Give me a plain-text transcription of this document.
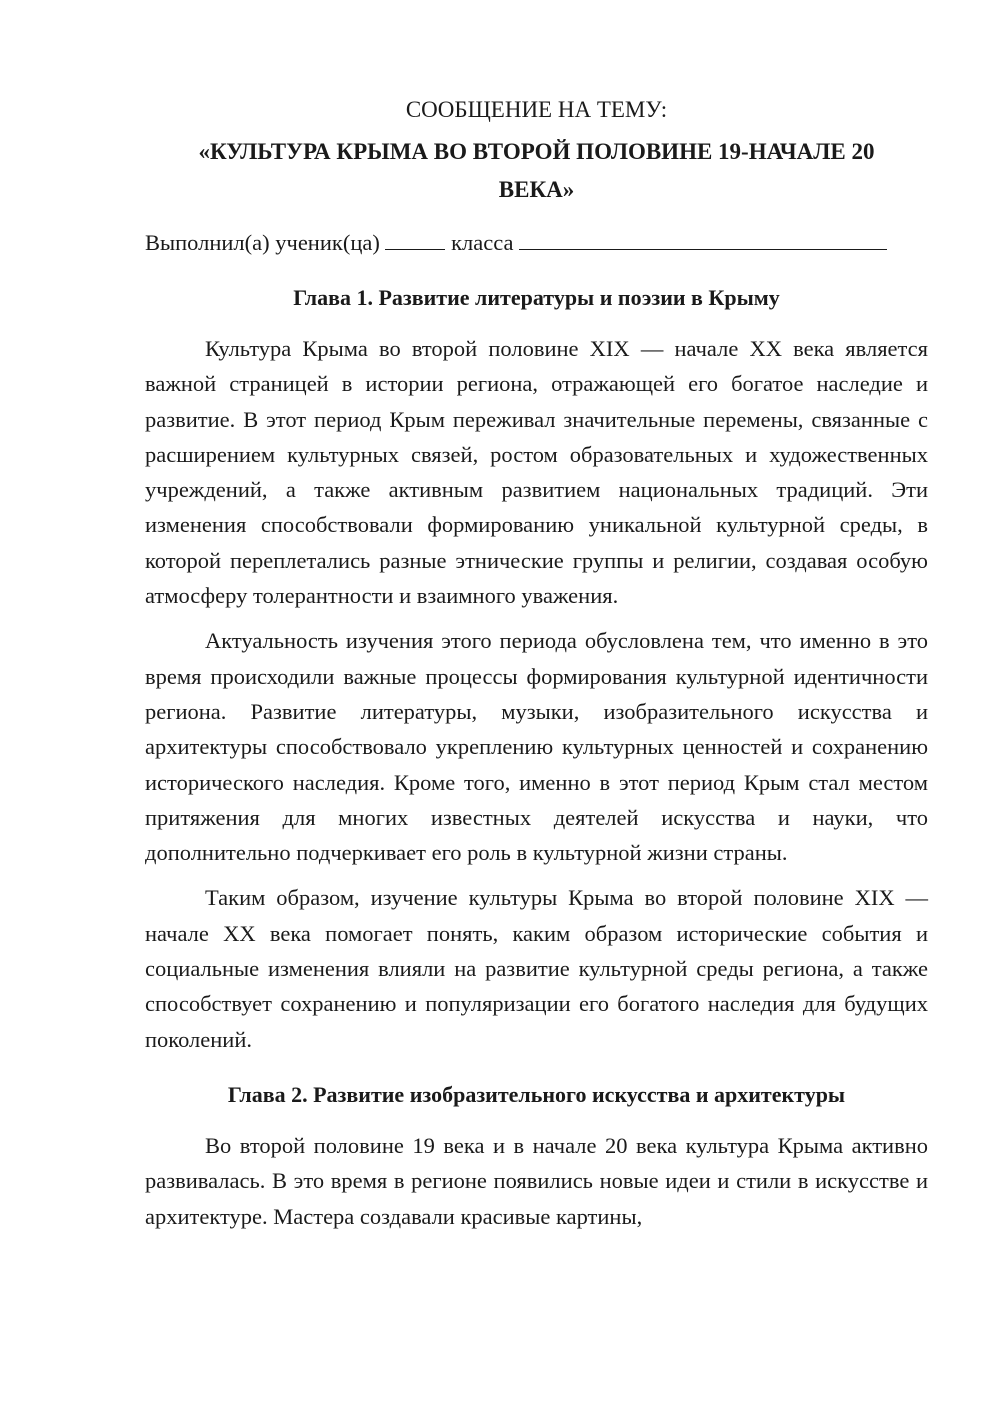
СООБЩЕНИЕ НА ТЕМУ:

«КУЛЬТУРА КРЫМА ВО ВТОРОЙ ПОЛОВИНЕ 19-НАЧАЛЕ 20
ВЕКА»

Выполнил(а) ученик(ца)	класса

Глава 1. Развитие литературы и поэзии в Крыму

Культура Крыма во второй половине XIX — начале XX века является важной страницей в истории региона, отражающей его богатое наследие и развитие. В этот период Крым переживал значительные перемены, связанные с расширением культурных связей, ростом образовательных и художественных учреждений, а также активным развитием национальных традиций. Эти изменения способствовали формированию уникальной культурной среды, в которой переплетались разные этнические группы и религии, создавая особую атмосферу толерантности и взаимного уважения.

Актуальность изучения этого периода обусловлена тем, что именно в это время происходили важные процессы формирования культурной идентичности региона. Развитие литературы, музыки, изобразительного искусства и архитектуры способствовало укреплению культурных ценностей и сохранению исторического наследия. Кроме того, именно в этот период Крым стал местом притяжения для многих известных деятелей искусства и науки, что дополнительно подчеркивает его роль в культурной жизни страны.

Таким образом, изучение культуры Крыма во второй половине XIX — начале XX века помогает понять, каким образом исторические события и социальные изменения влияли на развитие культурной среды региона, а также способствует сохранению и популяризации его богатого наследия для будущих поколений.

Глава 2. Развитие изобразительного искусства и архитектуры

Во второй половине 19 века и в начале 20 века культура Крыма активно развивалась. В это время в регионе появились новые идеи и стили в искусстве и архитектуре. Мастера создавали красивые картины,
